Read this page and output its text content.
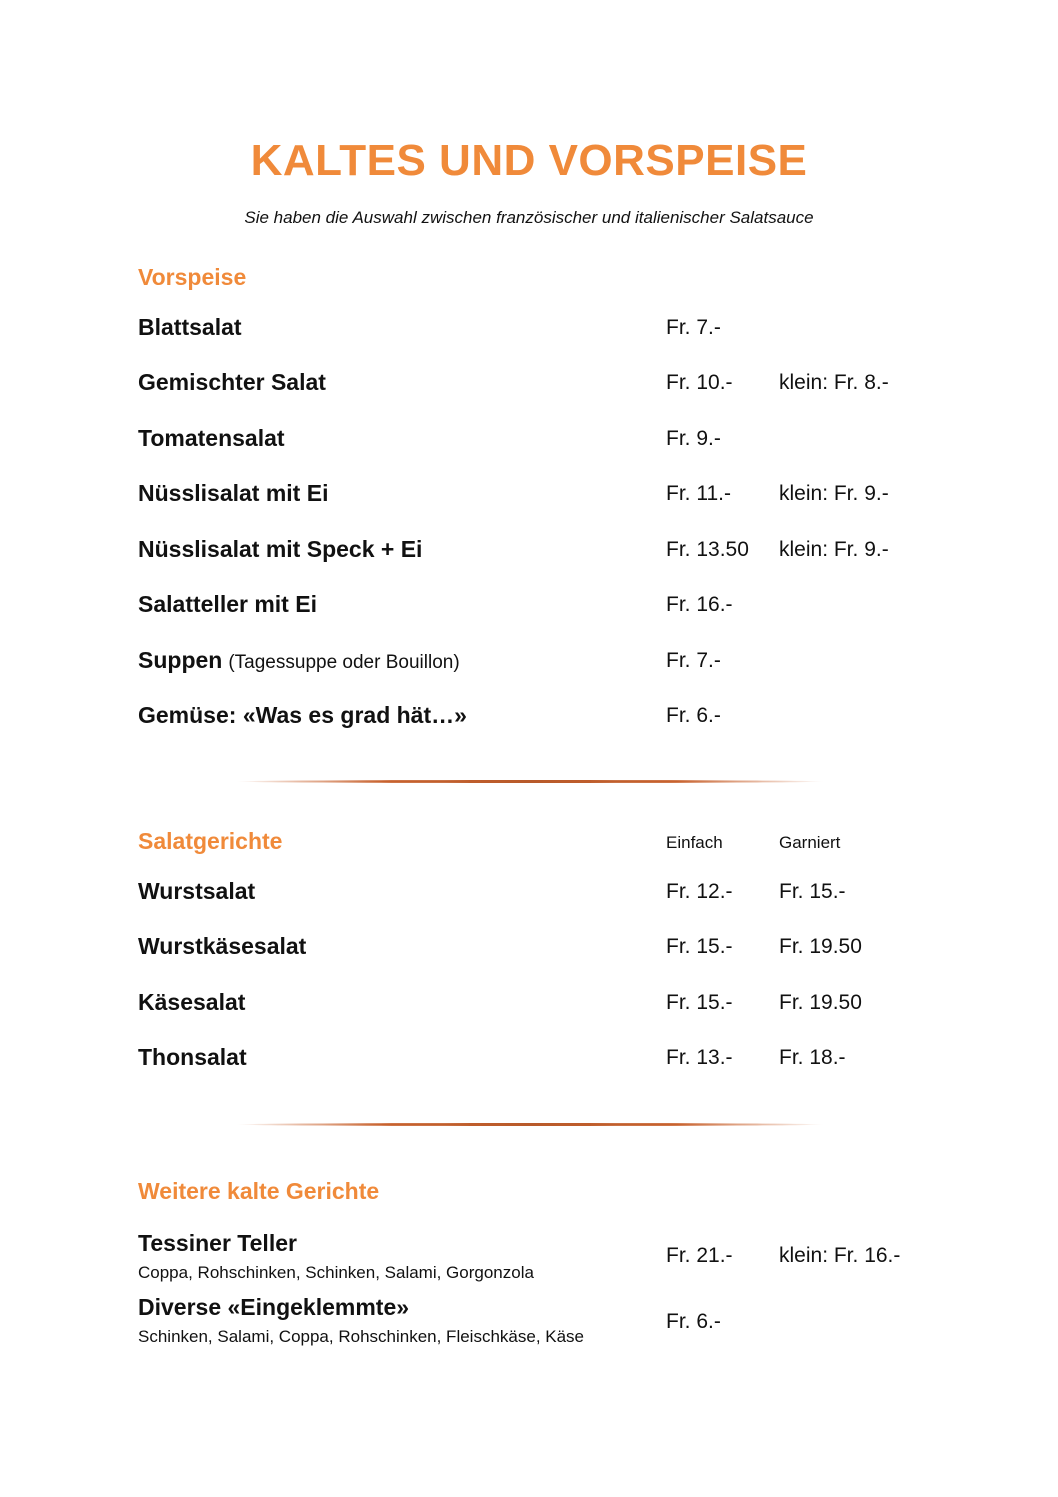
KALTES UND VORSPEISE
Sie haben die Auswahl zwischen französischer und italienischer Salatsauce
Vorspeise
Blattsalat	Fr. 7.-
Gemischter Salat	Fr. 10.- klein: Fr. 8.-
Tomatensalat	Fr. 9.-
Nüsslisalat mit Ei	Fr. 11.- klein: Fr. 9.-
Nüsslisalat mit Speck + Ei	Fr. 13.50 klein: Fr. 9.-
Salatteller mit Ei	Fr. 16.-
Suppen (Tagessuppe oder Bouillon)	Fr. 7.-
Gemüse: «Was es grad hät…»	Fr. 6.-
Salatgerichte	Einfach	Garniert
Wurstsalat	Fr. 12.- Fr. 15.-
Wurstkäsesalat	Fr. 15.- Fr. 19.50
Käsesalat	Fr. 15.- Fr. 19.50
Thonsalat	Fr. 13.- Fr. 18.-
Weitere kalte Gerichte
Tessiner Teller
Coppa, Rohschinken, Schinken, Salami, Gorgonzola
Fr. 21.- klein: Fr. 16.-
Diverse «Eingeklemmte»
Schinken, Salami, Coppa, Rohschinken, Fleischkäse, Käse
Fr. 6.-
